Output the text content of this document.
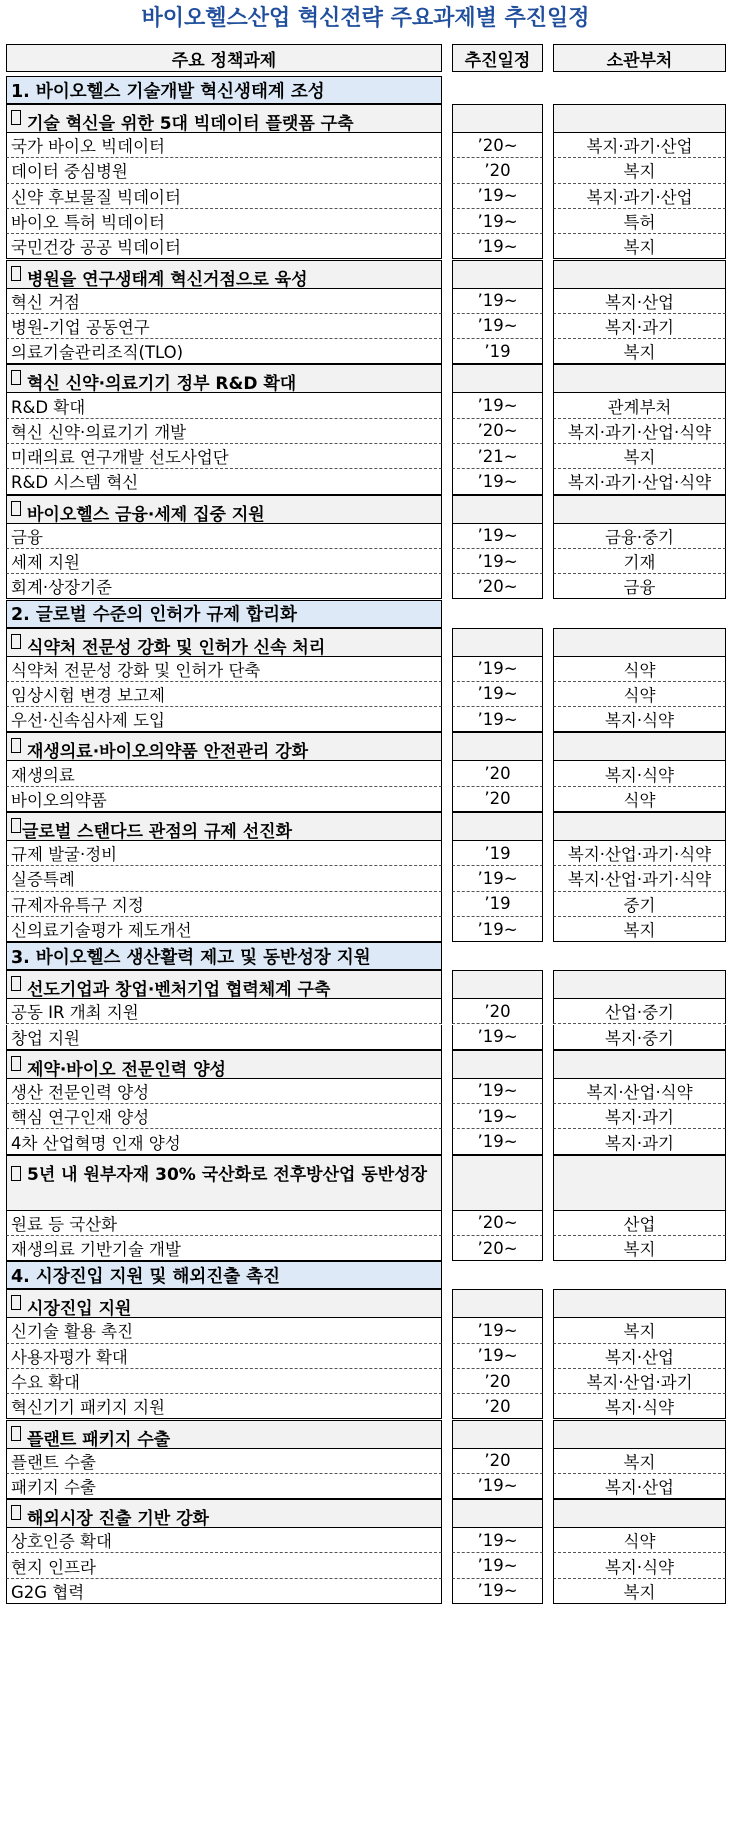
바이오헬스산업 혁신전략 주요과제별 추진일정
주요 정책과제	추진일정	소관부처
1. 바이오헬스 기술개발 혁신생태계 조성
기술 혁신을 위한 5대 빅데이터 플랫폼 구축
국가 바이오 빅데이터	’20~	복지·과기·산업
데이터 중심병원	’20	복지
신약 후보물질 빅데이터	’19~	복지·과기·산업
바이오 특허 빅데이터	’19~	특허
국민건강 공공 빅데이터	’19~	복지
병원을 연구생태계 혁신거점으로 육성
혁신 거점	’19~	복지·산업
병원-기업 공동연구	’19~	복지·과기
의료기술관리조직(TLO)	’19	복지
혁신 신약·의료기기 정부 R&D 확대
R&D 확대	’19~	관계부처
혁신 신약·의료기기 개발	’20~	복지·과기·산업·식약
미래의료 연구개발 선도사업단	’21~	복지
R&D 시스템 혁신	’19~	복지·과기·산업·식약
바이오헬스 금융·세제 집중 지원
금융	’19~	금융·중기
세제 지원	’19~	기재
회계·상장기준	’20~	금융
2. 글로벌 수준의 인허가 규제 합리화
식약처 전문성 강화 및 인허가 신속 처리
식약처 전문성 강화 및 인허가 단축	’19~	식약
임상시험 변경 보고제	’19~	식약
우선·신속심사제 도입	’19~	복지·식약
재생의료·바이오의약품 안전관리 강화
재생의료	’20	복지·식약
바이오의약품	’20	식약
글로벌 스탠다드 관점의 규제 선진화
규제 발굴·정비	’19	복지·산업·과기·식약
실증특례	’19~	복지·산업·과기·식약
규제자유특구 지정	’19	중기
신의료기술평가 제도개선	’19~	복지
3. 바이오헬스 생산활력 제고 및 동반성장 지원
선도기업과 창업·벤처기업 협력체계 구축
공동 IR 개최 지원	’20	산업·중기
창업 지원	’19~	복지·중기
제약·바이오 전문인력 양성
생산 전문인력 양성	’19~	복지·산업·식약
핵심 연구인재 양성	’19~	복지·과기
4차 산업혁명 인재 양성	’19~	복지·과기
5년 내 원부자재 30% 국산화로 전후방산업 동반성장
원료 등 국산화	’20~	산업
재생의료 기반기술 개발	’20~	복지
4. 시장진입 지원 및 해외진출 촉진
시장진입 지원
신기술 활용 촉진	’19~	복지
사용자평가 확대	’19~	복지·산업
수요 확대	’20	복지·산업·과기
혁신기기 패키지 지원	’20	복지·식약
플랜트 패키지 수출
플랜트 수출	’20	복지
패키지 수출	’19~	복지·산업
해외시장 진출 기반 강화
상호인증 확대	’19~	식약
현지 인프라	’19~	복지·식약
G2G 협력	’19~	복지
